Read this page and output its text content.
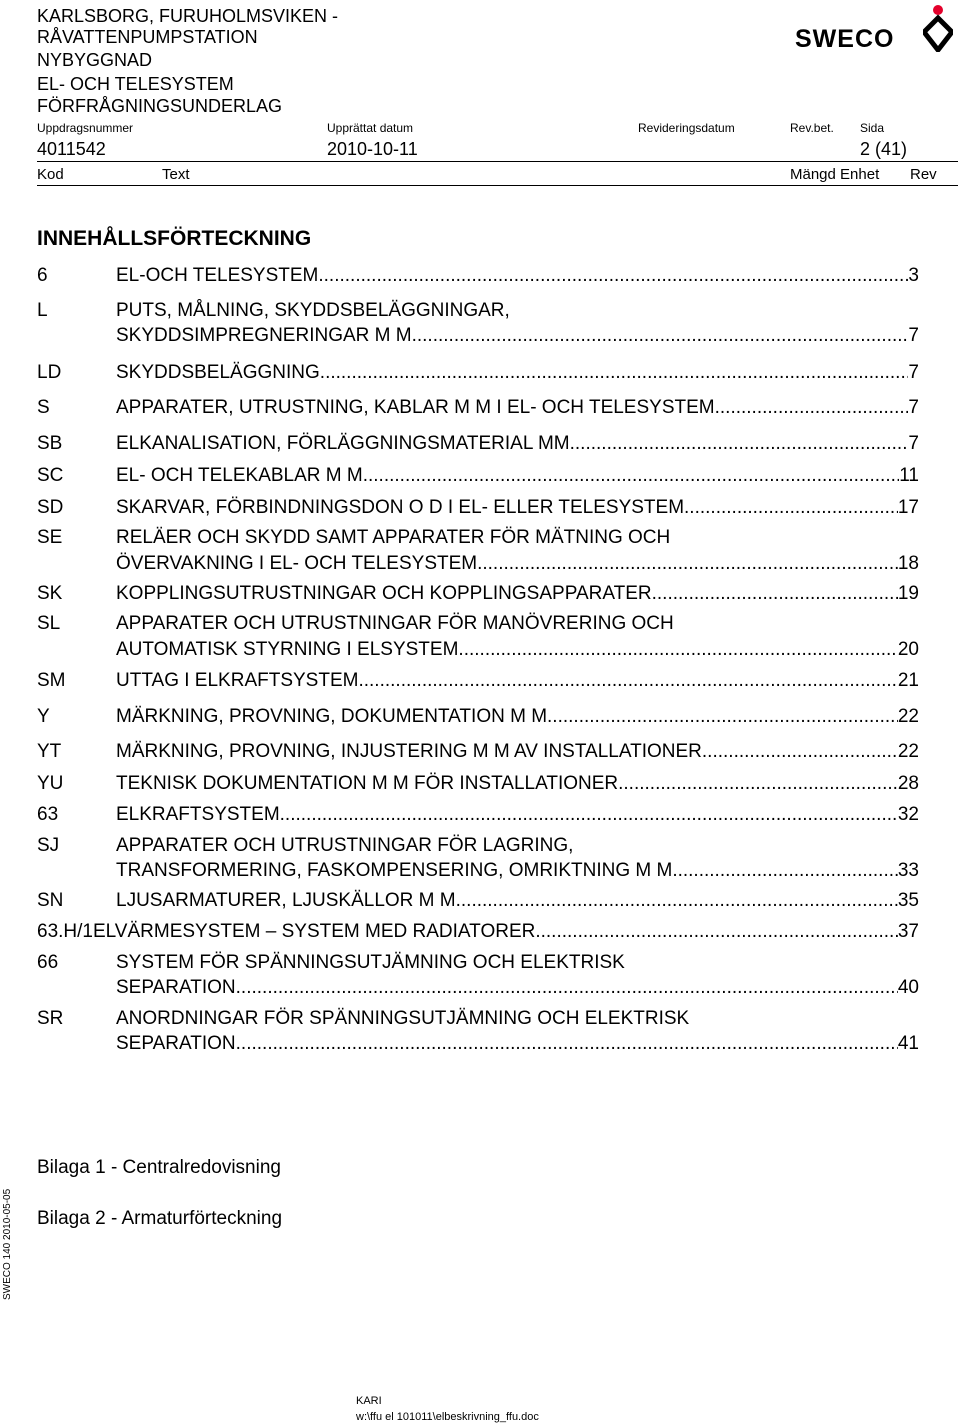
KARLSBORG, FURUHOLMSVIKEN -
RÅVATTENPUMPSTATION
NYBYGGNAD
EL- OCH TELESYSTEM
FÖRFRÅGNINGSUNDERLAG
SWECO
Uppdragsnummer	Upprättat datum	Revideringsdatum	Rev.bet. Sida
4011542	2010-10-11	2 (41)
Kod	Text	Mängd Enhet Rev
INNEHÅLLSFÖRTECKNING
6	EL-OCH TELESYSTEM .....	3
L	PUTS, MÅLNING, SKYDDSBELÄGGNINGAR,
SKYDDSIMPREGNERINGAR M M. .....	7
LD	SKYDDSBELÄGGNING. .....	7
S	APPARATER, UTRUSTNING, KABLAR M M I EL- OCH TELESYSTEM .....	7
SB	ELKANALISATION, FÖRLÄGGNINGSMATERIAL MM .....	7
SC	EL- OCH TELEKABLAR M M. .....	11
SD	SKARVAR, FÖRBINDNINGSDON O D I EL- ELLER TELESYSTEM .....	17
SE	RELÄER OCH SKYDD SAMT APPARATER FÖR MÄTNING OCH
ÖVERVAKNING I EL- OCH TELESYSTEM .....	18
SK	KOPPLINGSUTRUSTNINGAR OCH KOPPLINGSAPPARATER .....	19
SL	APPARATER OCH UTRUSTNINGAR FÖR MANÖVRERING OCH
AUTOMATISK STYRNING I ELSYSTEM .....	20
SM	UTTAG I ELKRAFTSYSTEM .....	21
Y	MÄRKNING, PROVNING, DOKUMENTATION M M .....	22
YT	MÄRKNING, PROVNING, INJUSTERING M M AV INSTALLATIONER .....	22
YU	TEKNISK DOKUMENTATION M M FÖR INSTALLATIONER. .....	28
63	ELKRAFTSYSTEM .....	32
SJ	APPARATER OCH UTRUSTNINGAR FÖR LAGRING,
TRANSFORMERING, FASKOMPENSERING, OMRIKTNING M M .....	33
SN	LJUSARMATURER, LJUSKÄLLOR M M .....	35
63.H/1ELVÄRMESYSTEM – SYSTEM MED RADIATORER .....	37
66	SYSTEM FÖR SPÄNNINGSUTJÄMNING OCH ELEKTRISK
SEPARATION .....	40
SR	ANORDNINGAR FÖR SPÄNNINGSUTJÄMNING OCH ELEKTRISK
SEPARATION .....	41
Bilaga 1 - Centralredovisning
Bilaga 2 - Armaturförteckning
SWECO 140 2010-05-05
KARI
w:\ffu el 101011\elbeskrivning_ffu.doc
